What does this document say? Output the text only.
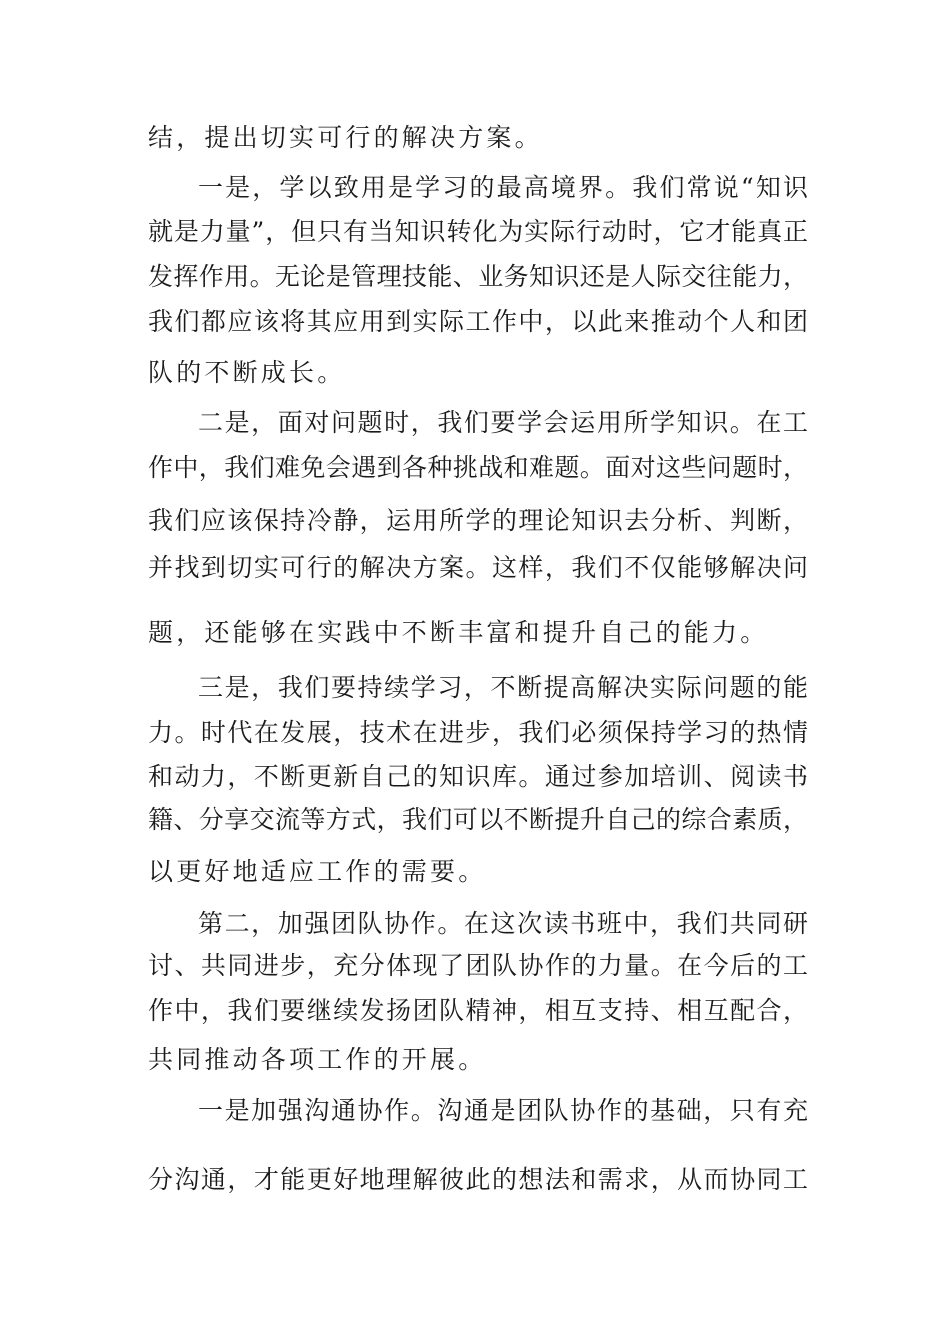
结，提出切实可行的解决方案。

一是，学以致用是学习的最高境界。我们常说“知识

就是力量”，但只有当知识转化为实际行动时，它才能真正

发挥作用。无论是管理技能、业务知识还是人际交往能力，

我们都应该将其应用到实际工作中，以此来推动个人和团

队的不断成长。

二是，面对问题时，我们要学会运用所学知识。在工

作中，我们难免会遇到各种挑战和难题。面对这些问题时，

我们应该保持冷静，运用所学的理论知识去分析、判断，

并找到切实可行的解决方案。这样，我们不仅能够解决问

题，还能够在实践中不断丰富和提升自己的能力。

三是，我们要持续学习，不断提高解决实际问题的能

力。时代在发展，技术在进步，我们必须保持学习的热情

和动力，不断更新自己的知识库。通过参加培训、阅读书

籍、分享交流等方式，我们可以不断提升自己的综合素质，

以更好地适应工作的需要。

第二，加强团队协作。在这次读书班中，我们共同研

讨、共同进步，充分体现了团队协作的力量。在今后的工

作中，我们要继续发扬团队精神，相互支持、相互配合，

共同推动各项工作的开展。

一是加强沟通协作。沟通是团队协作的基础，只有充

分沟通，才能更好地理解彼此的想法和需求，从而协同工
